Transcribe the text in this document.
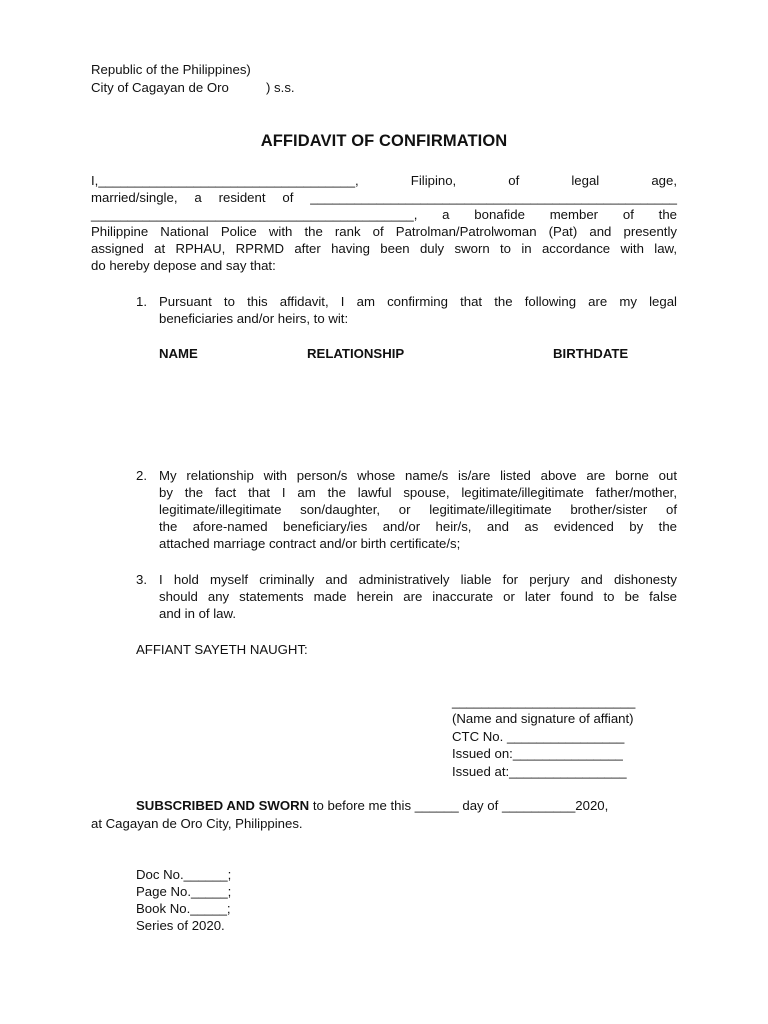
Republic of the Philippines)
City of Cagayan de Oro	) s.s.
AFFIDAVIT OF CONFIRMATION
I,___________________________________, Filipino, of legal age,
married/single, a resident of __________________________________________________
____________________________________________, a bonafide member of the
Philippine National Police with the rank of Patrolman/Patrolwoman (Pat) and presently
assigned at RPHAU, RPRMD after having been duly sworn to in accordance with law,
do hereby depose and say that:
1. Pursuant to this affidavit, I am confirming that the following are my legal
beneficiaries and/or heirs, to wit:
NAME	RELATIONSHIP	BIRTHDATE
2. My relationship with person/s whose name/s is/are listed above are borne out
by the fact that I am the lawful spouse, legitimate/illegitimate father/mother,
legitimate/illegitimate son/daughter, or legitimate/illegitimate brother/sister of
the afore-named beneficiary/ies and/or heir/s, and as evidenced by the
attached marriage contract and/or birth certificate/s;
3. I hold myself criminally and administratively liable for perjury and dishonesty
should any statements made herein are inaccurate or later found to be false
and in of law.
AFFIANT SAYETH NAUGHT:
_________________________
(Name and signature of affiant)
CTC No. ________________
Issued on:_______________
Issued at:________________
SUBSCRIBED AND SWORN to before me this ______ day of __________2020,
at Cagayan de Oro City, Philippines.
Doc No.______;
Page No._____;
Book No._____;
Series of 2020.
